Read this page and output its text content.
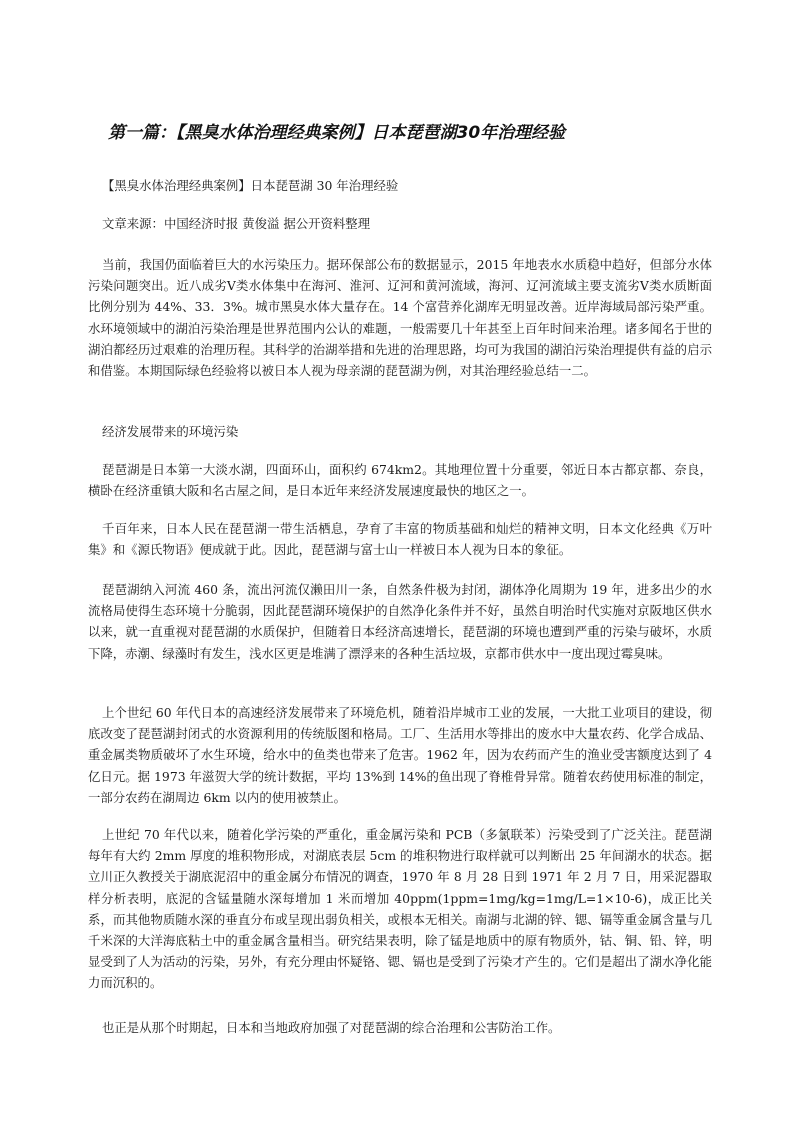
第一篇：【黑臭水体治理经典案例】日本琵琶湖30年治理经验

【黑臭水体治理经典案例】日本琵琶湖 30 年治理经验

文章来源：中国经济时报 黄俊溢 据公开资料整理

当前，我国仍面临着巨大的水污染压力。据环保部公布的数据显示，2015 年地表水水质稳中趋好，但部分水体污染问题突出。近八成劣Ⅴ类水体集中在海河、淮河、辽河和黄河流域，海河、辽河流域主要支流劣Ⅴ类水质断面比例分别为 44%、33．3%。城市黑臭水体大量存在。14 个富营养化湖库无明显改善。近岸海域局部污染严重。水环境领域中的湖泊污染治理是世界范围内公认的难题，一般需要几十年甚至上百年时间来治理。诸多闻名于世的湖泊都经历过艰难的治理历程。其科学的治湖举措和先进的治理思路，均可为我国的湖泊污染治理提供有益的启示和借鉴。本期国际绿色经验将以被日本人视为母亲湖的琵琶湖为例，对其治理经验总结一二。

经济发展带来的环境污染

琵琶湖是日本第一大淡水湖，四面环山，面积约 674km2。其地理位置十分重要，邻近日本古都京都、奈良，横卧在经济重镇大阪和名古屋之间，是日本近年来经济发展速度最快的地区之一。

千百年来，日本人民在琵琶湖一带生活栖息，孕育了丰富的物质基础和灿烂的精神文明，日本文化经典《万叶集》和《源氏物语》便成就于此。因此，琵琶湖与富士山一样被日本人视为日本的象征。

琵琶湖纳入河流 460 条，流出河流仅濑田川一条，自然条件极为封闭，湖体净化周期为 19 年，进多出少的水流格局使得生态环境十分脆弱，因此琵琶湖环境保护的自然净化条件并不好，虽然自明治时代实施对京阪地区供水以来，就一直重视对琵琶湖的水质保护，但随着日本经济高速增长，琵琶湖的环境也遭到严重的污染与破坏，水质下降，赤潮、绿藻时有发生，浅水区更是堆满了漂浮来的各种生活垃圾，京都市供水中一度出现过霉臭味。

上个世纪 60 年代日本的高速经济发展带来了环境危机，随着沿岸城市工业的发展，一大批工业项目的建设，彻底改变了琵琶湖封闭式的水资源利用的传统版图和格局。工厂、生活用水等排出的废水中大量农药、化学合成品、重金属类物质破坏了水生环境，给水中的鱼类也带来了危害。1962 年，因为农药而产生的渔业受害额度达到了 4 亿日元。据 1973 年滋贺大学的统计数据，平均 13%到 14%的鱼出现了脊椎骨异常。随着农药使用标准的制定，一部分农药在湖周边 6km 以内的使用被禁止。

上世纪 70 年代以来，随着化学污染的严重化，重金属污染和 PCB（多氯联苯）污染受到了广泛关注。琵琶湖每年有大约 2mm 厚度的堆积物形成，对湖底表层 5cm 的堆积物进行取样就可以判断出 25 年间湖水的状态。据立川正久教授关于湖底泥沼中的重金属分布情况的调查，1970 年 8 月 28 日到 1971 年 2 月 7 日，用采泥器取样分析表明，底泥的含锰量随水深每增加 1 米而增加 40ppm(1ppm=1mg/kg=1mg/L=1×10-6)，成正比关系，而其他物质随水深的垂直分布或呈现出弱负相关，或根本无相关。南湖与北湖的锌、锶、镉等重金属含量与几千米深的大洋海底粘土中的重金属含量相当。研究结果表明，除了锰是地质中的原有物质外，钴、铜、铅、锌，明显受到了人为活动的污染，另外，有充分理由怀疑铬、锶、镉也是受到了污染才产生的。它们是超出了湖水净化能力而沉积的。

也正是从那个时期起，日本和当地政府加强了对琵琶湖的综合治理和公害防治工作。
